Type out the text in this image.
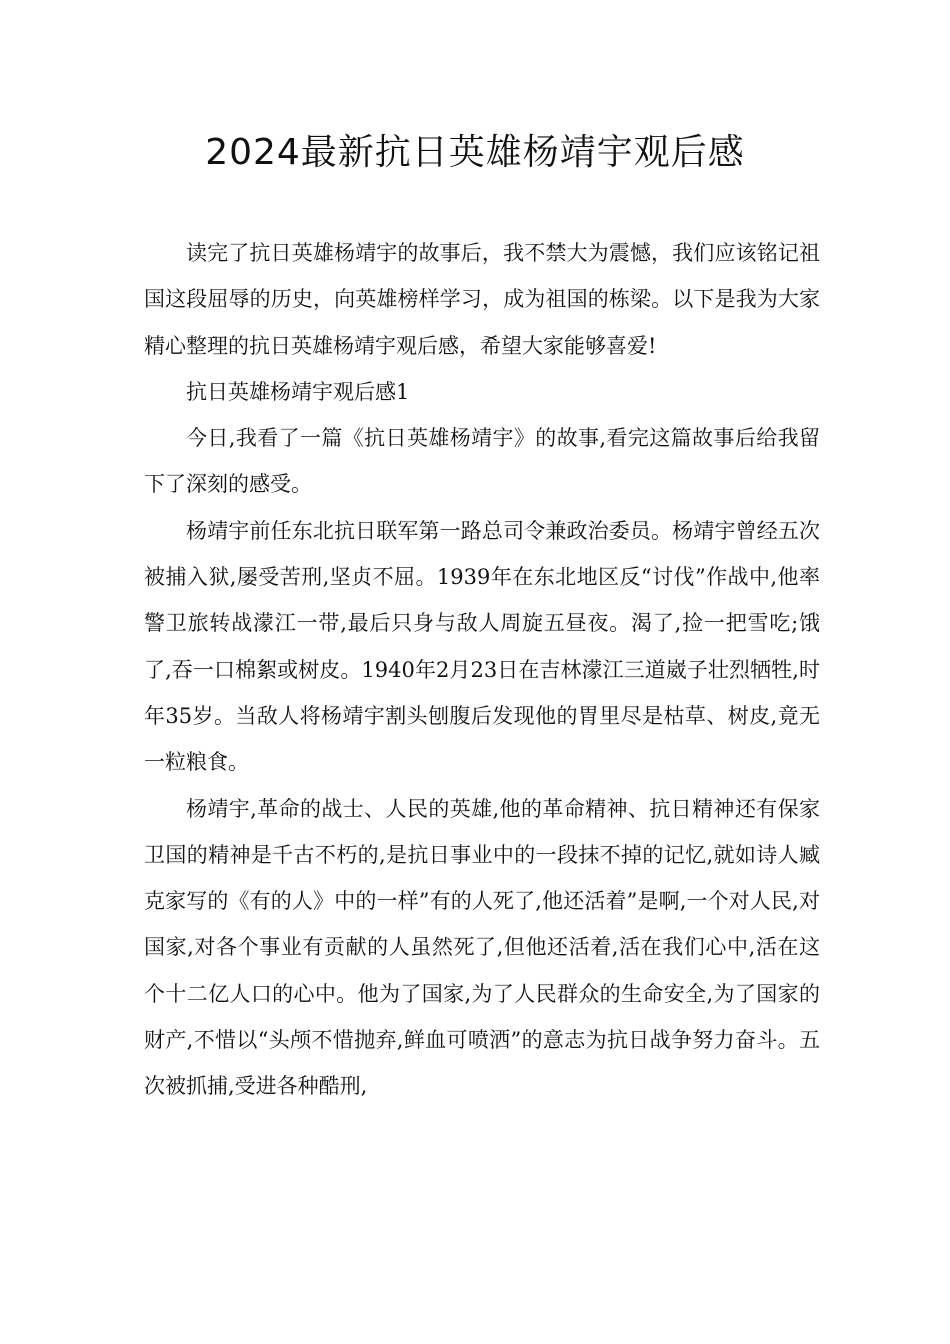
2024最新抗日英雄杨靖宇观后感

读完了抗日英雄杨靖宇的故事后，我不禁大为震憾，我们应该铭记祖国这段屈辱的历史，向英雄榜样学习，成为祖国的栋梁。以下是我为大家精心整理的抗日英雄杨靖宇观后感，希望大家能够喜爱!

抗日英雄杨靖宇观后感1

今日,我看了一篇《抗日英雄杨靖宇》的故事,看完这篇故事后给我留下了深刻的感受。

杨靖宇前任东北抗日联军第一路总司令兼政治委员。杨靖宇曾经五次被捕入狱,屡受苦刑,坚贞不屈。1939年在东北地区反“讨伐”作战中,他率警卫旅转战濛江一带,最后只身与敌人周旋五昼夜。渴了,捡一把雪吃;饿了,吞一口棉絮或树皮。1940年2月23日在吉林濛江三道崴子壮烈牺牲,时年35岁。当敌人将杨靖宇割头刨腹后发现他的胃里尽是枯草、树皮,竟无一粒粮食。

杨靖宇,革命的战士、人民的英雄,他的革命精神、抗日精神还有保家卫国的精神是千古不朽的,是抗日事业中的一段抹不掉的记忆,就如诗人臧克家写的《有的人》中的一样”有的人死了,他还活着”是啊,一个对人民,对国家,对各个事业有贡献的人虽然死了,但他还活着,活在我们心中,活在这个十二亿人口的心中。他为了国家,为了人民群众的生命安全,为了国家的财产,不惜以“头颅不惜抛弃,鲜血可喷洒”的意志为抗日战争努力奋斗。五次被抓捕,受进各种酷刑,
